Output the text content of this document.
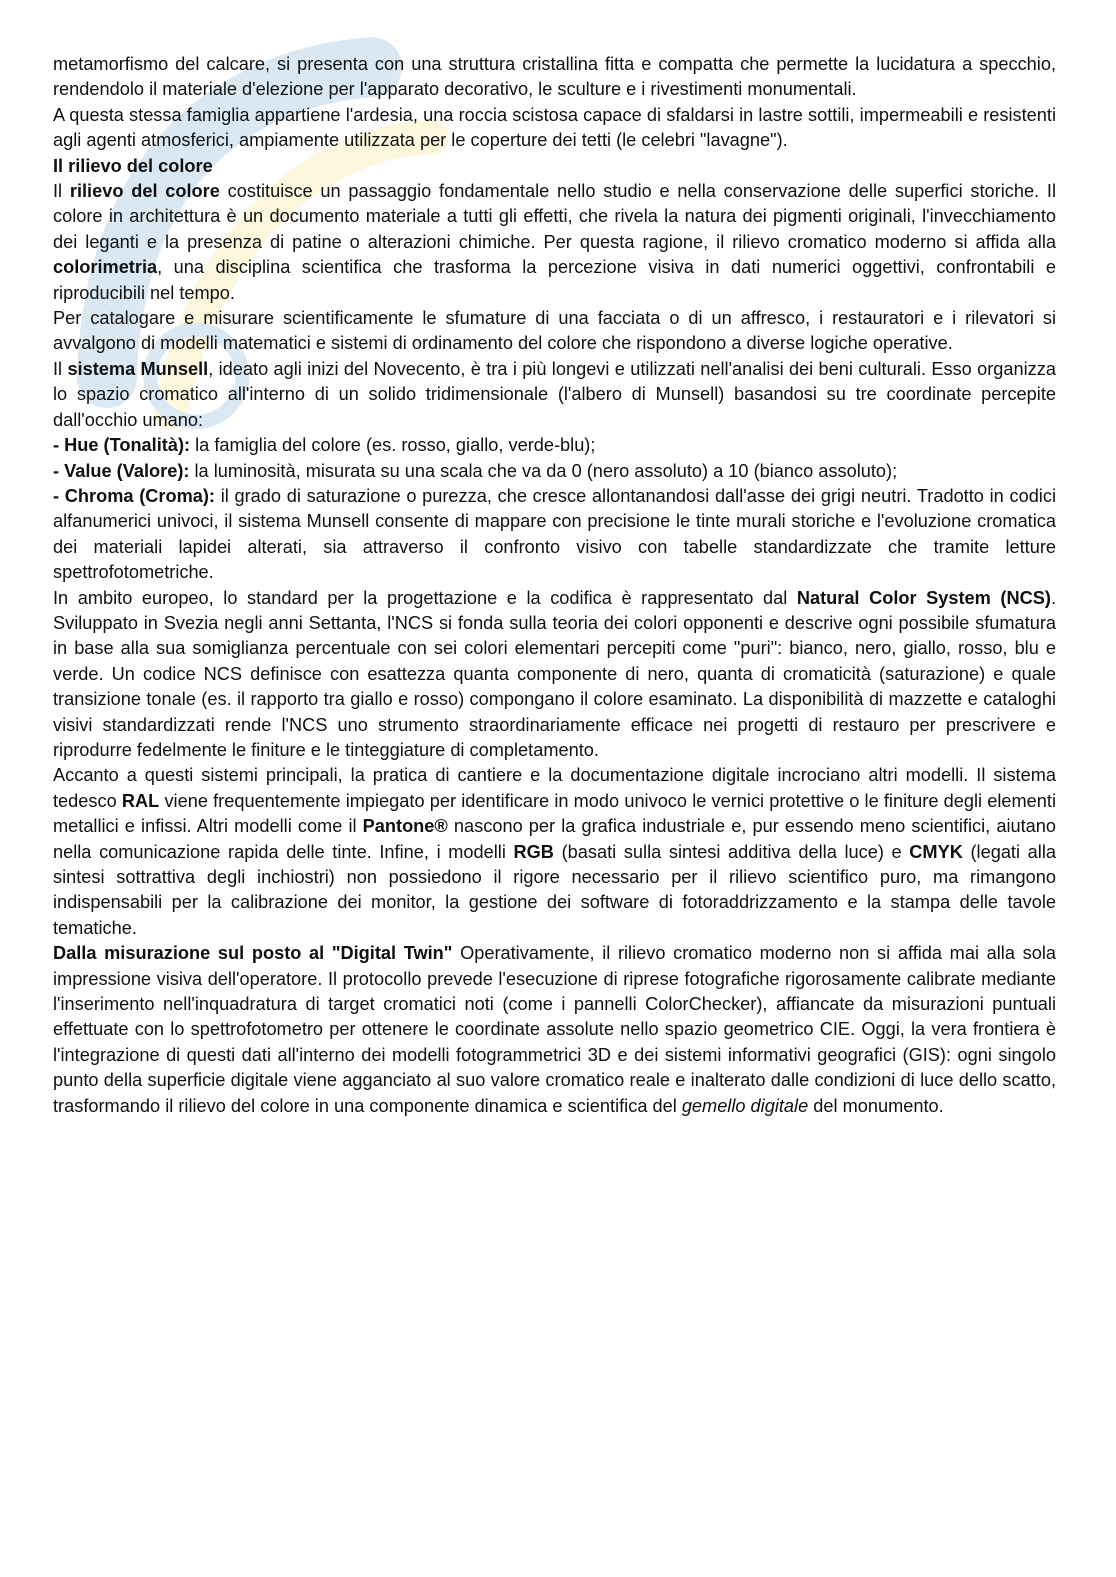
metamorfismo del calcare, si presenta con una struttura cristallina fitta e compatta che permette la lucidatura a specchio, rendendolo il materiale d'elezione per l'apparato decorativo, le sculture e i rivestimenti monumentali.

A questa stessa famiglia appartiene l'ardesia, una roccia scistosa capace di sfaldarsi in lastre sottili, impermeabili e resistenti agli agenti atmosferici, ampiamente utilizzata per le coperture dei tetti (le celebri "lavagne").

Il rilievo del colore

Il rilievo del colore costituisce un passaggio fondamentale nello studio e nella conservazione delle superfici storiche. Il colore in architettura è un documento materiale a tutti gli effetti, che rivela la natura dei pigmenti originali, l'invecchiamento dei leganti e la presenza di patine o alterazioni chimiche. Per questa ragione, il rilievo cromatico moderno si affida alla colorimetria, una disciplina scientifica che trasforma la percezione visiva in dati numerici oggettivi, confrontabili e riproducibili nel tempo.

Per catalogare e misurare scientificamente le sfumature di una facciata o di un affresco, i restauratori e i rilevatori si avvalgono di modelli matematici e sistemi di ordinamento del colore che rispondono a diverse logiche operative.

Il sistema Munsell, ideato agli inizi del Novecento, è tra i più longevi e utilizzati nell'analisi dei beni culturali. Esso organizza lo spazio cromatico all'interno di un solido tridimensionale (l'albero di Munsell) basandosi su tre coordinate percepite dall'occhio umano:

- Hue (Tonalità): la famiglia del colore (es. rosso, giallo, verde-blu);

- Value (Valore): la luminosità, misurata su una scala che va da 0 (nero assoluto) a 10 (bianco assoluto);

- Chroma (Croma): il grado di saturazione o purezza, che cresce allontanandosi dall'asse dei grigi neutri. Tradotto in codici alfanumerici univoci, il sistema Munsell consente di mappare con precisione le tinte murali storiche e l'evoluzione cromatica dei materiali lapidei alterati, sia attraverso il confronto visivo con tabelle standardizzate che tramite letture spettrofotometriche.

In ambito europeo, lo standard per la progettazione e la codifica è rappresentato dal Natural Color System (NCS). Sviluppato in Svezia negli anni Settanta, l'NCS si fonda sulla teoria dei colori opponenti e descrive ogni possibile sfumatura in base alla sua somiglianza percentuale con sei colori elementari percepiti come "puri": bianco, nero, giallo, rosso, blu e verde. Un codice NCS definisce con esattezza quanta componente di nero, quanta di cromaticità (saturazione) e quale transizione tonale (es. il rapporto tra giallo e rosso) compongano il colore esaminato. La disponibilità di mazzette e cataloghi visivi standardizzati rende l'NCS uno strumento straordinariamente efficace nei progetti di restauro per prescrivere e riprodurre fedelmente le finiture e le tinteggiature di completamento.

Accanto a questi sistemi principali, la pratica di cantiere e la documentazione digitale incrociano altri modelli. Il sistema tedesco RAL viene frequentemente impiegato per identificare in modo univoco le vernici protettive o le finiture degli elementi metallici e infissi. Altri modelli come il Pantone® nascono per la grafica industriale e, pur essendo meno scientifici, aiutano nella comunicazione rapida delle tinte. Infine, i modelli RGB (basati sulla sintesi additiva della luce) e CMYK (legati alla sintesi sottrattiva degli inchiostri) non possiedono il rigore necessario per il rilievo scientifico puro, ma rimangono indispensabili per la calibrazione dei monitor, la gestione dei software di fotoraddrizzamento e la stampa delle tavole tematiche.

Dalla misurazione sul posto al "Digital Twin" Operativamente, il rilievo cromatico moderno non si affida mai alla sola impressione visiva dell'operatore. Il protocollo prevede l'esecuzione di riprese fotografiche rigorosamente calibrate mediante l'inserimento nell'inquadratura di target cromatici noti (come i pannelli ColorChecker), affiancate da misurazioni puntuali effettuate con lo spettrofotometro per ottenere le coordinate assolute nello spazio geometrico CIE. Oggi, la vera frontiera è l'integrazione di questi dati all'interno dei modelli fotogrammetrici 3D e dei sistemi informativi geografici (GIS): ogni singolo punto della superficie digitale viene agganciato al suo valore cromatico reale e inalterato dalle condizioni di luce dello scatto, trasformando il rilievo del colore in una componente dinamica e scientifica del gemello digitale del monumento.
